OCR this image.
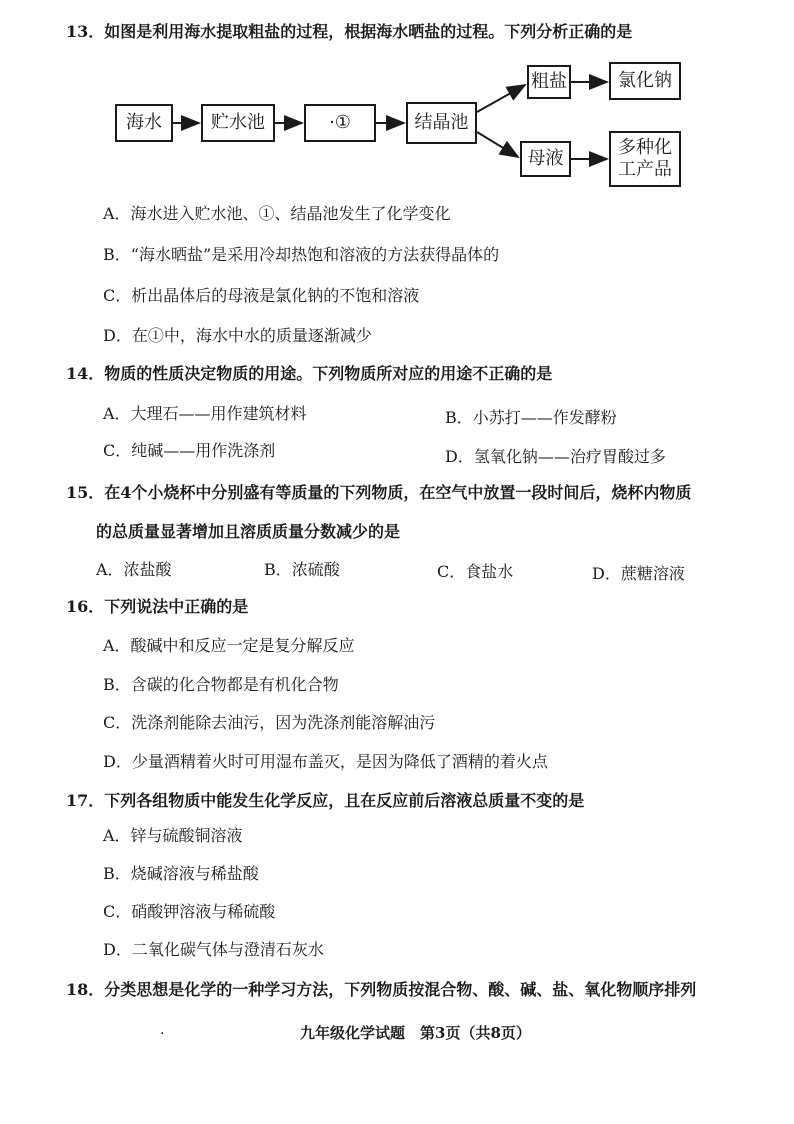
13．如图是利用海水提取粗盐的过程，根据海水晒盐的过程。下列分析正确的是
海水	贮水池	·①	结晶池
粗盐	氯化钠
母液
多种化
工产品
A．海水进入贮水池、①、结晶池发生了化学变化
B．“海水晒盐”是采用冷却热饱和溶液的方法获得晶体的
C．析出晶体后的母液是氯化钠的不饱和溶液
D．在①中，海水中水的质量逐渐减少
14．物质的性质决定物质的用途。下列物质所对应的用途不正确的是
A．大理石——用作建筑材料	B．小苏打——作发酵粉
C．纯碱——用作洗涤剂	D．氢氧化钠——治疗胃酸过多
15．在4个小烧杯中分别盛有等质量的下列物质，在空气中放置一段时间后，烧杯内物质
的总质量显著增加且溶质质量分数减少的是
A．浓盐酸	B．浓硫酸	C．食盐水	D．蔗糖溶液
16．下列说法中正确的是
A．酸碱中和反应一定是复分解反应
B．含碳的化合物都是有机化合物
C．洗涤剂能除去油污，因为洗涤剂能溶解油污
D．少量酒精着火时可用湿布盖灭，是因为降低了酒精的着火点
17．下列各组物质中能发生化学反应，且在反应前后溶液总质量不变的是
A．锌与硫酸铜溶液
B．烧碱溶液与稀盐酸
C．硝酸钾溶液与稀硫酸
D．二氧化碳气体与澄清石灰水
18．分类思想是化学的一种学习方法，下列物质按混合物、酸、碱、盐、氧化物顺序排列
·	九年级化学试题　第3页（共8页）
